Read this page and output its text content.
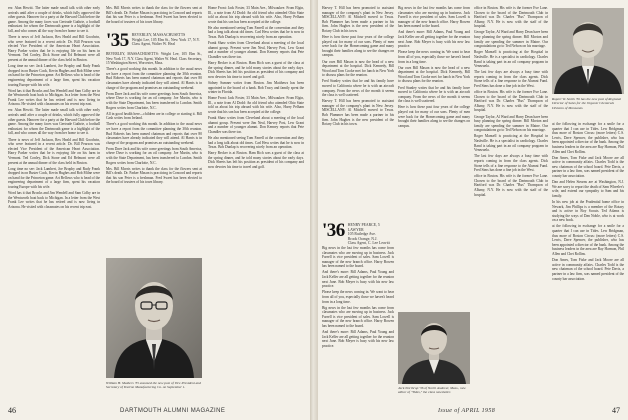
ers: Alan Hewitt. The latter made small talk with other early arrivals until after a couple of drinks, which fully approved the other guests. Hanover for a party at the Harvard Club before the game. Among the many faces was Gertrude Guthrie, a football enthusiast for whom the Dartmouth game is a highlight of the fall, and who comes all the way from her home to see it.

There is news of Jeff Jackson, Rex Heald and Bill Goodwin, who were featured in a recent article. Dr. Bill Pearson was elected Vice President of the American Heart Association. Harry Parker writes that he is enjoying life on his farm in Vermont. Ted Conley, Dick Stone and Ed Belmont were all present at the annual dinner of the class held in Boston.

Long time no see: Jack Lambert, Joe Brophy and Rudy Frank dropped in on Buster Cook, Kevin Hughes and Bob Milne were on hand for the Princeton game. Art Bellows who is head of the engineering department of a large firm, spent his vacation touring Europe with his wife.

Word has it that Brooks and Jim Wendell and Sam Colby are in the Wentworth boat back to Michigan. In a letter from the West Frank Lee writes that he has retired and is now living in Arizona. He visited with classmates on his recent trip east.

ers: Alan Hewitt. The latter made small talk with other early arrivals until after a couple of drinks, which fully approved the other guests. Hanover for a party at the Harvard Club before the game. Among the many faces was Gertrude Guthrie, a football enthusiast for whom the Dartmouth game is a highlight of the fall, and who comes all the way from her home to see it.

There is news of Jeff Jackson, Rex Heald and Bill Goodwin, who were featured in a recent article. Dr. Bill Pearson was elected Vice President of the American Heart Association. Harry Parker writes that he is enjoying life on his farm in Vermont. Ted Conley, Dick Stone and Ed Belmont were all present at the annual dinner of the class held in Boston.

Long time no see: Jack Lambert, Joe Brophy and Rudy Frank dropped in on Buster Cook, Kevin Hughes and Bob Milne were on hand for the Princeton game. Art Bellows who is head of the engineering department of a large firm, spent his vacation touring Europe with his wife.

Word has it that Brooks and Jim Wendell and Sam Colby are in the Wentworth boat back to Michigan. In a letter from the West Frank Lee writes that he has retired and is now living in Arizona. He visited with classmates on his recent trip east.

Mrs. Bill Morris writes to thank the class for the flowers sent at Bill's death. Dr. Parker Mason is practicing in Concord and reports that his son Peter is a freshman. Fred Sweet has been elected to the board of trustees of his town library.

'35 BEVERLEY, MASSACHUSETTS
Wright Lee, 105 Elm St., New York 17, N.Y.
Class Agent, Walter W. Heal

BEVERLEY, MASSACHUSETTS: Wright Lee, 105 Elm St., New York 17, N.Y. Class Agent, Walter W. Heal. Class Secretary, 15 Washington Street, Worcester, Mass.

There's a good working this month. In addition to the usual news we have a report from the committee planning the 30th reunion. Bud Roberts has been named chairman and reports that over 80 classmates have already indicated they will attend. Al Harris is in charge of the program and promises an outstanding weekend.

From Dave Jack and his wife come greetings from South America, where Dave is working for an oil company. Joe Martin, who is with the State Department, has been transferred to London. Smith Rogers writes from Charlotte, N.C.

All in good health here—children are in college or starting it. Bill Cash writes from Ireland.

There's a good working this month. In addition to the usual news we have a report from the committee planning the 30th reunion. Bud Roberts has been named chairman and reports that over 80 classmates have already indicated they will attend. Al Harris is in charge of the program and promises an outstanding weekend.

From Dave Jack and his wife come greetings from South America, where Dave is working for an oil company. Joe Martin, who is with the State Department, has been transferred to London. Smith Rogers writes from Charlotte, N.C.

Mrs. Bill Morris writes to thank the class for the flowers sent at Bill's death. Dr. Parker Mason is practicing in Concord and reports that his son Peter is a freshman. Fred Sweet has been elected to the board of trustees of his town library.

William H. Mathers '35 assumed the new post of Vice President and Secretary of Textron Manufacturing Co. on September 1.

Home Front: Jack Foster, 33 Main Ave., Milwaukee. From Elgin, Ill., a note from Al Dodd: An old friend who attended Ohio State told us about his trip abroad with his wife. Also, Harry Pelham wrote that his son has been accepted at the college.

He also mentioned seeing Tom Farrell at the convention and they had a long talk about old times. Carl Hess writes that he is now in Texas. Bob Dunlap is recovering nicely from an operation.

Frank Shaw writes from Cleveland about a meeting of the local alumni group. Present were Jim Neal, Harvey Post, Lew Grant and a number of younger alumni. Don Kenney reports that Pete Chandler was there too.

Harry Becker is at Boston. Ham Rich was a guest of the class at the spring dinner, and he told many stories about the early days. Dick Sheets has left his position as president of his company and now devotes his time to travel and golf.

Sidney Sumner writes from Boston. Jim Matthews has been appointed to the board of a bank. Bob Tracy and family spent the winter in Florida.

Home Front: Jack Foster, 33 Main Ave., Milwaukee. From Elgin, Ill., a note from Al Dodd: An old friend who attended Ohio State told us about his trip abroad with his wife. Also, Harry Pelham wrote that his son has been accepted at the college.

Frank Shaw writes from Cleveland about a meeting of the local alumni group. Present were Jim Neal, Harvey Post, Lew Grant and a number of younger alumni. Don Kenney reports that Pete Chandler was there too.

He also mentioned seeing Tom Farrell at the convention and they had a long talk about old times. Carl Hess writes that he is now in Texas. Bob Dunlap is recovering nicely from an operation.

Harry Becker is at Boston. Ham Rich was a guest of the class at the spring dinner, and he told many stories about the early days. Dick Sheets has left his position as president of his company and now devotes his time to travel and golf.

46	DARTMOUTH ALUMNI MAGAZINE

Harvey T. Hill has been promoted to assistant manager of the company's plant in New Jersey. MISCELLANY: Al Mitchell moved to Texas. Bob Plummer has been made a partner in his firm. John Hughes is the new president of the Rotary Club in his town.

Here is how these past four years of the college played out for many of our sons. Plenty of men were back for the Homecoming game and many brought their families along to see the changes on campus.

Our own Bill Mason is now the head of a new department at the hospital. Dick Kennedy, Bill Wood and Tom Cooke met for lunch in New York to discuss plans for the reunion.

Fred Stanley writes that he and his family have moved to California where he is with an aircraft company. From the news of the month it seems the class is well scattered.

Harvey T. Hill has been promoted to assistant manager of the company's plant in New Jersey. MISCELLANY: Al Mitchell moved to Texas. Bob Plummer has been made a partner in his firm. John Hughes is the new president of the Rotary Club in his town.

'36 HENRY PEARCE, 5 LAWYER
105 Rutledge Ave.
Brook Orange, N.J.
Class Agent, C. Lee Leavitt

Big news in the last few months has come from classmates who are moving up in business. Jack Farrell is vice president of sales. Sam Lowell is manager of the new branch office. Harry Bowen has been named to the board.

And there's more: Bill Adams, Paul Young and Jack Keller are all getting together for the reunion next June. Bob Meyer is busy with his new law practice.

Please keep the news coming in. We want to hear from all of you, especially those we haven't heard from in a long time.

Big news in the last few months has come from classmates who are moving up in business. Jack Farrell is vice president of sales. Sam Lowell is manager of the new branch office. Harry Bowen has been named to the board.

And there's more: Bill Adams, Paul Young and Jack Keller are all getting together for the reunion next June. Bob Meyer is busy with his new law practice.

Big news in the last few months has come from classmates who are moving up in business. Jack Farrell is vice president of sales. Sam Lowell is manager of the new branch office. Harry Bowen has been named to the board.

And there's more: Bill Adams, Paul Young and Jack Keller are all getting together for the reunion next June. Bob Meyer is busy with his new law practice.

Please keep the news coming in. We want to hear from all of you, especially those we haven't heard from in a long time.

Our own Bill Mason is now the head of a new department at the hospital. Dick Kennedy, Bill Wood and Tom Cooke met for lunch in New York to discuss plans for the reunion.

Fred Stanley writes that he and his family have moved to California where he is with an aircraft company. From the news of the month it seems the class is well scattered.

Here is how these past four years of the college played out for many of our sons. Plenty of men were back for the Homecoming game and many brought their families along to see the changes on campus.

Jack Northrup '36 of North Andover, Mass., new editor of "Tides," the class newsletter.

office in Boston. His wife is the former Eve Lane. Chosen to the board of the Dartmouth Club in Hartford was Dr. Charles "Bus" Thompson of Albany, N.Y. He is now with the staff of the hospital.

George Taylor, Al Ward and Harry Dean have been busy planning the spring dinner. Bill Morton and family are spending the summer in Maine. Our congratulations go to Ted Nelson on his marriage.

Roger Mansell is practicing at the Hospital in Nashville. He is a specialist in cardiology. Charles Rand is taking part in an oil company program in Venezuela.

The last few days are always a busy time with reports coming in from the class agents. Dick Stone tells of a fine response to the Alumni Fund. Fred Sims has done a fine job in the West.

office in Boston. His wife is the former Eve Lane. Chosen to the board of the Dartmouth Club in Hartford was Dr. Charles "Bus" Thompson of Albany, N.Y. He is now with the staff of the hospital.

George Taylor, Al Ward and Harry Dean have been busy planning the spring dinner. Bill Morton and family are spending the summer in Maine. Our congratulations go to Ted Nelson on his marriage.

Roger Mansell is practicing at the Hospital in Nashville. He is a specialist in cardiology. Charles Rand is taking part in an oil company program in Venezuela.

The last few days are always a busy time with reports coming in from the class agents. Dick Stone tells of a fine response to the Alumni Fund. Fred Sims has done a fine job in the West.

office in Boston. His wife is the former Eve Lane. Chosen to the board of the Dartmouth Club in Hartford was Dr. Charles "Bus" Thompson of Albany, N.Y. He is now with the staff of the hospital.

Rupert W. Smith '36 has the new post of Regional Director of Sales for the Organic Chemicals Division of Monsanto.

at the following in exchange for a smile for a quarter that I can use in Tides. Lew Bridgman, thus more of Boston Circus: (more letters) C.S. Lewis, Dave Spencer, the publisher, who has been appointed a director of the bank. Among the business leaders in the area are Ray Harmon, Phil Allen and Chet Rollins.

Don Ames, Tom Fiske and Jack Moore are all active in community affairs. Charles Todd is the new chairman of the school board. Pete Davis, a partner in a law firm, was named president of the county bar association.

Dan and Helen Stearns are at Washington, N.J. We are sorry to report the death of Sam Wheeler's wife, and extend our sympathy to Sam and his family.

In his new job at the Prudential home office in Newark, Jim Phillips is a member of the Rotary and is active in Boy Scouts. Ted Adams is studying the ways of Dan Noble, who is at work on a new book.

at the following in exchange for a smile for a quarter that I can use in Tides. Lew Bridgman, thus more of Boston Circus: (more letters) C.S. Lewis, Dave Spencer, the publisher, who has been appointed a director of the bank. Among the business leaders in the area are Ray Harmon, Phil Allen and Chet Rollins.

Don Ames, Tom Fiske and Jack Moore are all active in community affairs. Charles Todd is the new chairman of the school board. Pete Davis, a partner in a law firm, was named president of the county bar association.

Issue of APRIL 1958	47
